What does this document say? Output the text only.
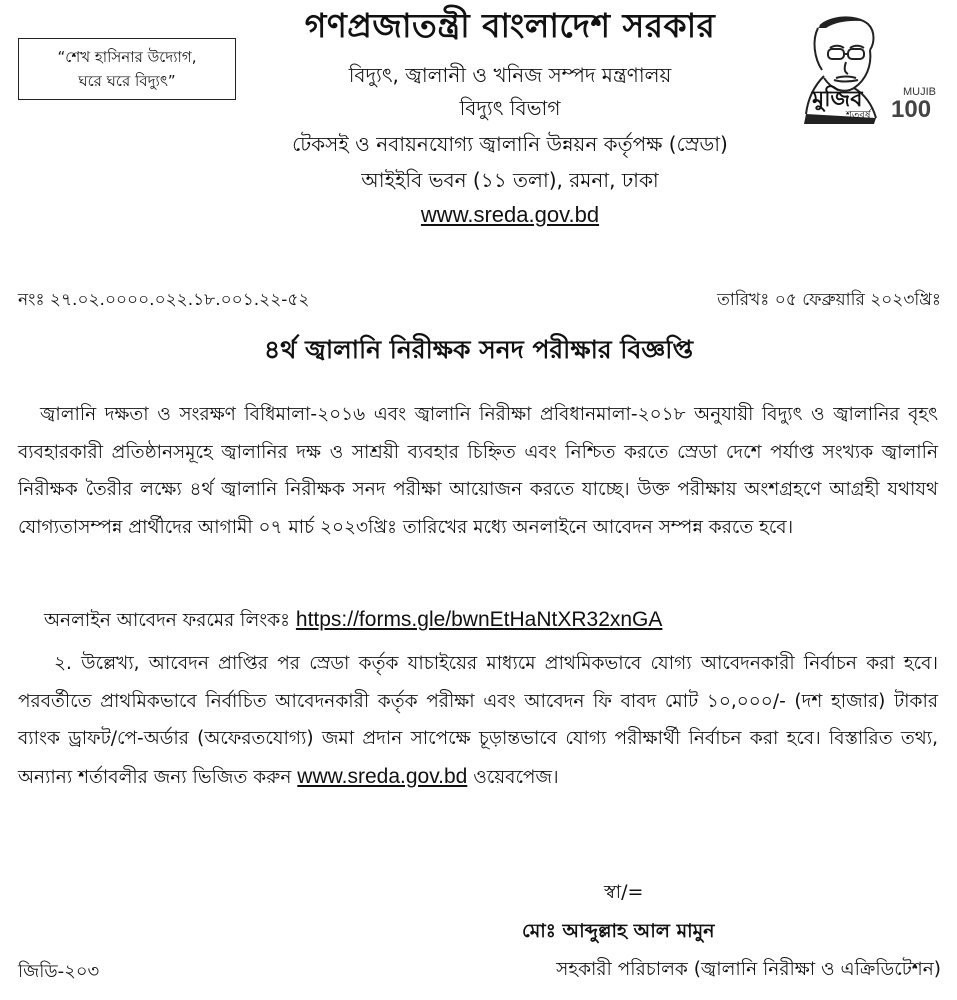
“শেখ হাসিনার উদ্যোগ,
ঘরে ঘরে বিদ্যুৎ”
গণপ্রজাতন্ত্রী বাংলাদেশ সরকার
বিদ্যুৎ, জ্বালানী ও খনিজ সম্পদ মন্ত্রণালয়
বিদ্যুৎ বিভাগ
টেকসই ও নবায়নযোগ্য জ্বালানি উন্নয়ন কর্তৃপক্ষ (স্রেডা)
আইইবি ভবন (১১ তলা), রমনা, ঢাকা
www.sreda.gov.bd
মুজিব	MUJIB
100
শতবর্ষ
নংঃ ২৭.০২.০০০০.০২২.১৮.০০১.২২-৫২	তারিখঃ ০৫ ফেব্রুয়ারি ২০২৩খ্রিঃ
৪র্থ জ্বালানি নিরীক্ষক সনদ পরীক্ষার বিজ্ঞপ্তি
জ্বালানি দক্ষতা ও সংরক্ষণ বিধিমালা-২০১৬ এবং জ্বালানি নিরীক্ষা প্রবিধানমালা-২০১৮ অনুযায়ী বিদ্যুৎ ও জ্বালানির বৃহৎ ব্যবহারকারী প্রতিষ্ঠানসমূহে জ্বালানির দক্ষ ও সাশ্রয়ী ব্যবহার চিহ্নিত এবং নিশ্চিত করতে স্রেডা দেশে পর্যাপ্ত সংখ্যক জ্বালানি নিরীক্ষক তৈরীর লক্ষ্যে ৪র্থ জ্বালানি নিরীক্ষক সনদ পরীক্ষা আয়োজন করতে যাচ্ছে। উক্ত পরীক্ষায় অংশগ্রহণে আগ্রহী যথাযথ যোগ্যতাসম্পন্ন প্রার্থীদের আগামী ০৭ মার্চ ২০২৩খ্রিঃ তারিখের মধ্যে অনলাইনে আবেদন সম্পন্ন করতে হবে।
অনলাইন আবেদন ফরমের লিংকঃ https://forms.gle/bwnEtHaNtXR32xnGA
২. উল্লেখ্য, আবেদন প্রাপ্তির পর স্রেডা কর্তৃক যাচাইয়ের মাধ্যমে প্রাথমিকভাবে যোগ্য আবেদনকারী নির্বাচন করা হবে। পরবর্তীতে প্রাথমিকভাবে নির্বাচিত আবেদনকারী কর্তৃক পরীক্ষা এবং আবেদন ফি বাবদ মোট ১০,০০০/- (দশ হাজার) টাকার ব্যাংক ড্রাফট/পে-অর্ডার (অফেরতযোগ্য) জমা প্রদান সাপেক্ষে চূড়ান্তভাবে যোগ্য পরীক্ষার্থী নির্বাচন করা হবে। বিস্তারিত তথ্য, অন্যান্য শর্তাবলীর জন্য ভিজিত করুন www.sreda.gov.bd ওয়েবপেজ।
স্বা/=
মোঃ আব্দুল্লাহ আল মামুন
জিডি-২০৩	সহকারী পরিচালক (জ্বালানি নিরীক্ষা ও এক্রিডিটেশন)
